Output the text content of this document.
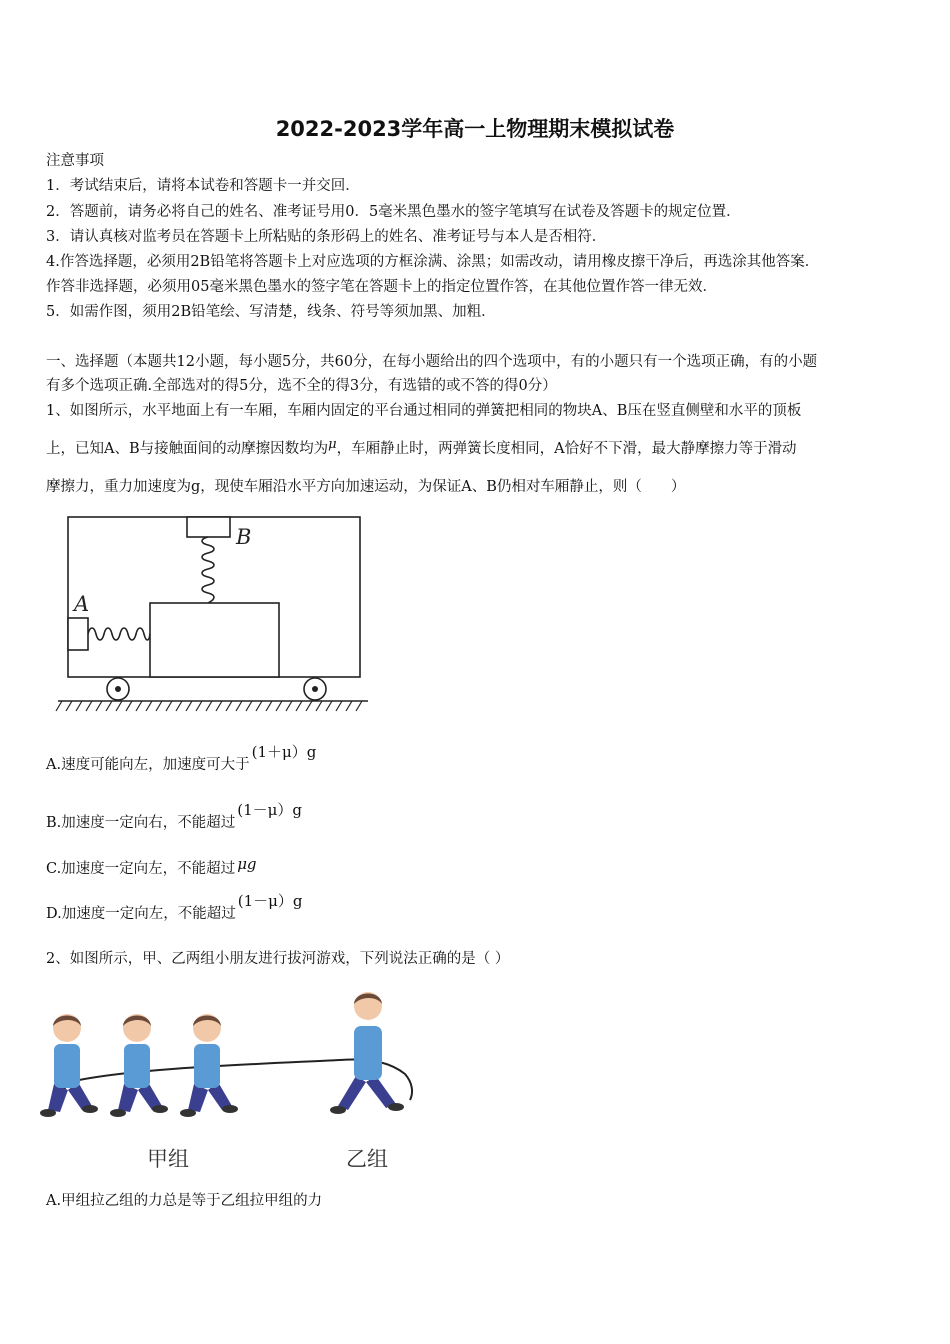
2022-2023学年高一上物理期末模拟试卷
注意事项
1．考试结束后，请将本试卷和答题卡一并交回．
2．答题前，请务必将自己的姓名、准考证号用0．5毫米黑色墨水的签字笔填写在试卷及答题卡的规定位置．
3．请认真核对监考员在答题卡上所粘贴的条形码上的姓名、准考证号与本人是否相符．
4.作答选择题，必须用2B铅笔将答题卡上对应选项的方框涂满、涂黑；如需改动，请用橡皮擦干净后，再选涂其他答案．
作答非选择题，必须用05毫米黑色墨水的签字笔在答题卡上的指定位置作答，在其他位置作答一律无效．
5．如需作图，须用2B铅笔绘、写清楚，线条、符号等须加黑、加粗．
一、选择题（本题共12小题，每小题5分，共60分，在每小题给出的四个选项中，有的小题只有一个选项正确，有的小题
有多个选项正确.全部选对的得5分，选不全的得3分，有选错的或不答的得0分）
1、如图所示，水平地面上有一车厢，车厢内固定的平台通过相同的弹簧把相同的物块A、B压在竖直侧壁和水平的顶板
上，已知A、B与接触面间的动摩擦因数均为μ，车厢静止时，两弹簧长度相同，A恰好不下滑，最大静摩擦力等于滑动
摩擦力，重力加速度为g，现使车厢沿水平方向加速运动，为保证A、B仍相对车厢静止，则（　　）
A
B
A.速度可能向左，加速度可大于(1＋μ）g
B.加速度一定向右，不能超过(1－μ）g
C.加速度一定向左，不能超过 μg
D.加速度一定向左，不能超过(1－μ）g
2、如图所示，甲、乙两组小朋友进行拔河游戏，下列说法正确的是（ ）
甲组	乙组
A.甲组拉乙组的力总是等于乙组拉甲组的力
